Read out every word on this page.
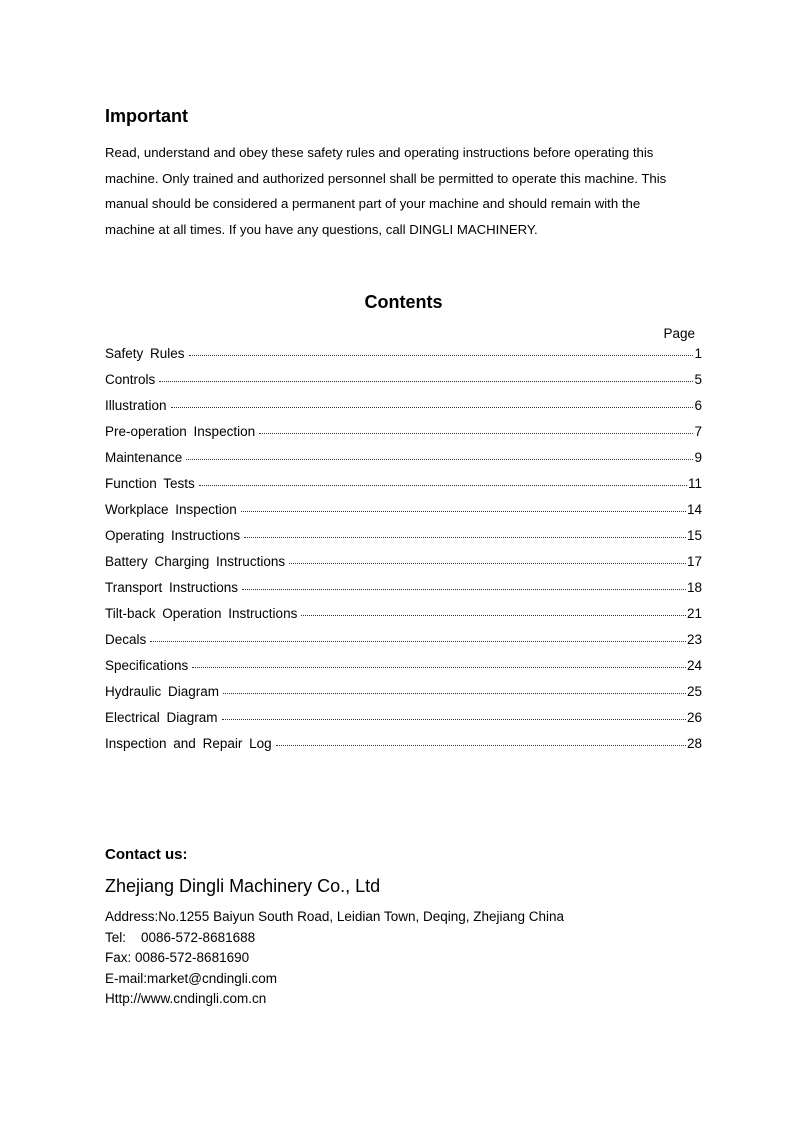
Important

Read, understand and obey these safety rules and operating instructions before operating this
machine. Only trained and authorized personnel shall be permitted to operate this machine. This
manual should be considered a permanent part of your machine and should remain with the
machine at all times. If you have any questions, call DINGLI MACHINERY.

Contents
Page
Safety Rules	1
Controls	5
Illustration	6
Pre-operation Inspection	7
Maintenance	9
Function Tests	11
Workplace Inspection	14
Operating Instructions	15
Battery Charging Instructions	17
Transport Instructions	18
Tilt-back Operation Instructions	21
Decals	23
Specifications	24
Hydraulic Diagram	25
Electrical Diagram	26
Inspection and Repair Log	28
Contact us:
Zhejiang Dingli Machinery Co., Ltd
Address:No.1255 Baiyun South Road, Leidian Town, Deqing, Zhejiang China
Tel:    0086-572-8681688
Fax: 0086-572-8681690
E-mail:market@cndingli.com
Http://www.cndingli.com.cn
